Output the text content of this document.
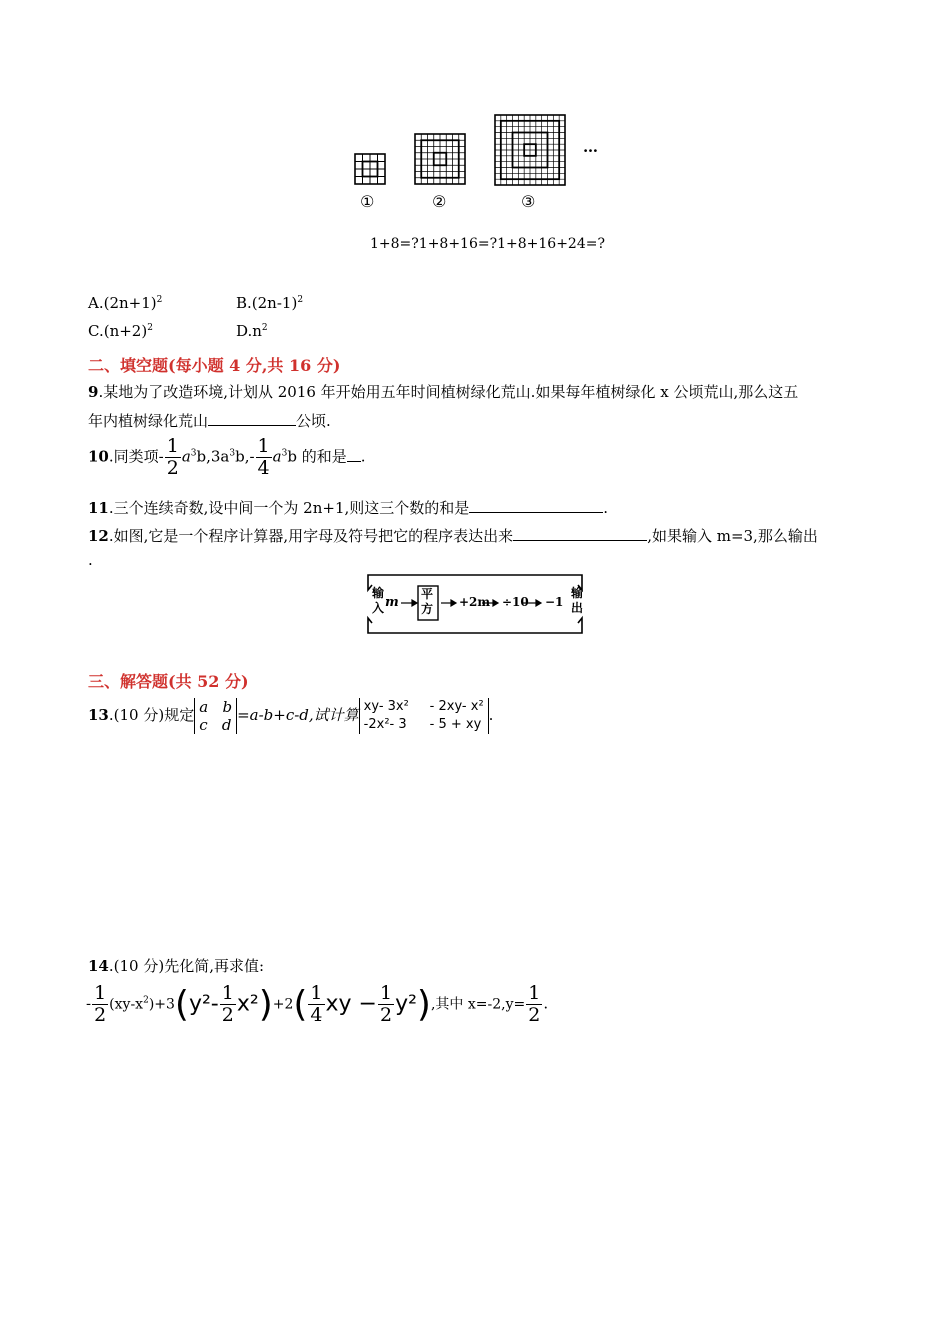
①	②	③
…
1+8=?1+8+16=?1+8+16+24=?
$A.(2n+1)^2$	$B.(2n-1)^2$
$C.(n+2)^2$	$D.n^2$
二、填空题(每小题 4 分,共 16 分)
9.某地为了改造环境,计划从 2016 年开始用五年时间植树绿化荒山.如果每年植树绿化 x 公顷荒山,那么这五
年内植树绿化荒山	公顷.
10.同类项- $\frac{1}{2} a^3b,3a^3b,- \frac{1}{4} a^3b$ 的和是 .
11.三个连续奇数,设中间一个为 2n+1,则这三个数的和是	.
12.如图,它是一个程序计算器,用字母及符号把它的程序表达出来	,如果输入 m=3,那么输出
.
输入 m
平方 +2m ÷10 −1
输出
三、解答题(共 52 分)
13.(10 分)规定 a b
c d
=a-b+c-d,试计算 xy- 3x² - 2xy- x²
-2x²- 3 - 5 + xy
.
14.(10 分)先化简,再求值:
- $\frac{1}{2} (xy-x^2)+3(y^2- \frac{1}{2} x^2)+2( \frac{1}{4}$ xy − $\frac{1}{2} y^2$),其中 $x=-2,y= \frac{1}{2}$ .
